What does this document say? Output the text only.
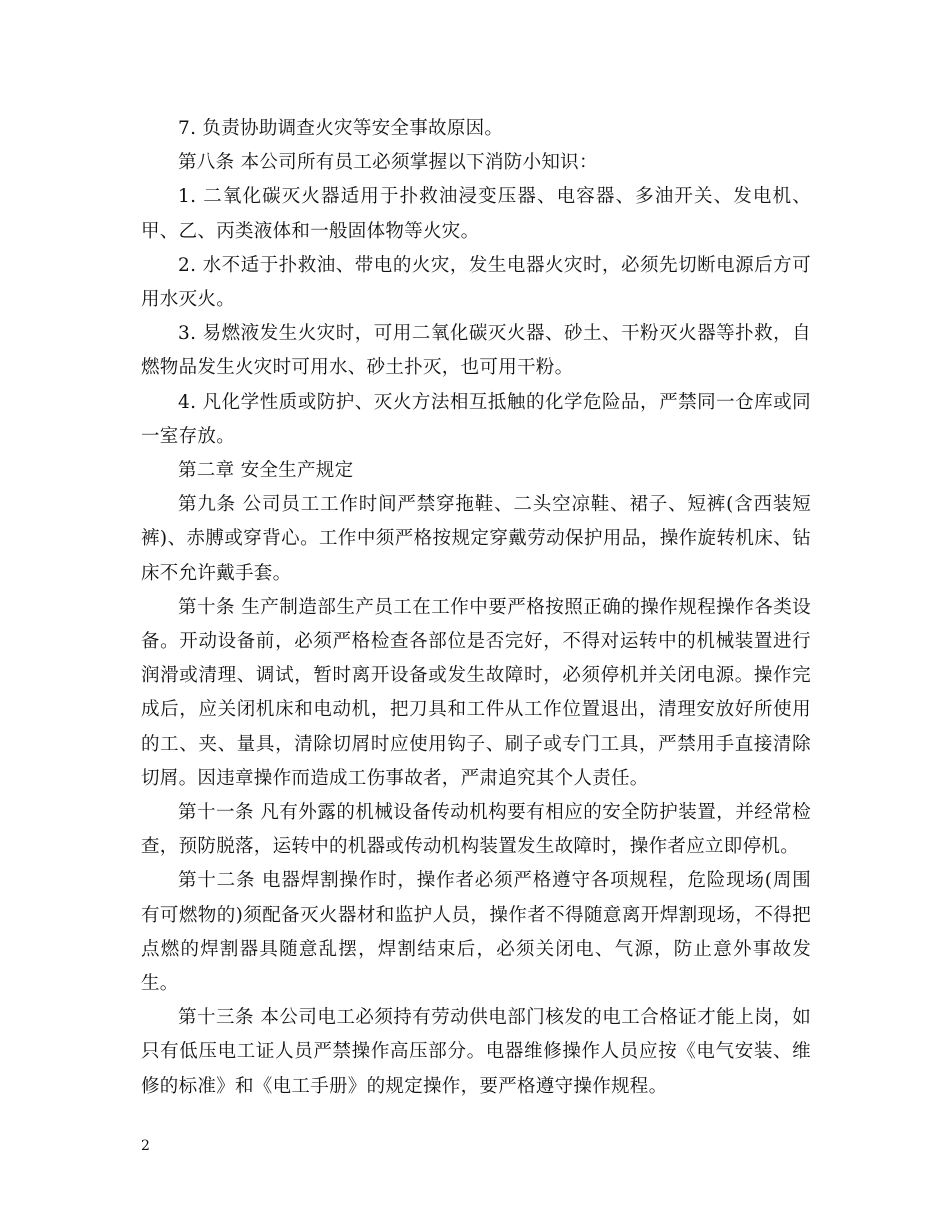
7. 负责协助调查火灾等安全事故原因。

第八条 本公司所有员工必须掌握以下消防小知识：

1. 二氧化碳灭火器适用于扑救油浸变压器、电容器、多油开关、发电机、甲、乙、丙类液体和一般固体物等火灾。

2. 水不适于扑救油、带电的火灾，发生电器火灾时，必须先切断电源后方可用水灭火。

3. 易燃液发生火灾时，可用二氧化碳灭火器、砂土、干粉灭火器等扑救，自燃物品发生火灾时可用水、砂土扑灭，也可用干粉。

4. 凡化学性质或防护、灭火方法相互抵触的化学危险品，严禁同一仓库或同一室存放。

第二章 安全生产规定

第九条 公司员工工作时间严禁穿拖鞋、二头空凉鞋、裙子、短裤(含西装短裤)、赤膊或穿背心。工作中须严格按规定穿戴劳动保护用品，操作旋转机床、钻床不允许戴手套。

第十条 生产制造部生产员工在工作中要严格按照正确的操作规程操作各类设备。开动设备前，必须严格检查各部位是否完好，不得对运转中的机械装置进行润滑或清理、调试，暂时离开设备或发生故障时，必须停机并关闭电源。操作完成后，应关闭机床和电动机，把刀具和工件从工作位置退出，清理安放好所使用的工、夹、量具，清除切屑时应使用钩子、刷子或专门工具，严禁用手直接清除切屑。因违章操作而造成工伤事故者，严肃追究其个人责任。

第十一条 凡有外露的机械设备传动机构要有相应的安全防护装置，并经常检查，预防脱落，运转中的机器或传动机构装置发生故障时，操作者应立即停机。

第十二条 电器焊割操作时，操作者必须严格遵守各项规程，危险现场(周围有可燃物的)须配备灭火器材和监护人员，操作者不得随意离开焊割现场，不得把点燃的焊割器具随意乱摆，焊割结束后，必须关闭电、气源，防止意外事故发生。

第十三条 本公司电工必须持有劳动供电部门核发的电工合格证才能上岗，如只有低压电工证人员严禁操作高压部分。电器维修操作人员应按《电气安装、维修的标准》和《电工手册》的规定操作，要严格遵守操作规程。

2
